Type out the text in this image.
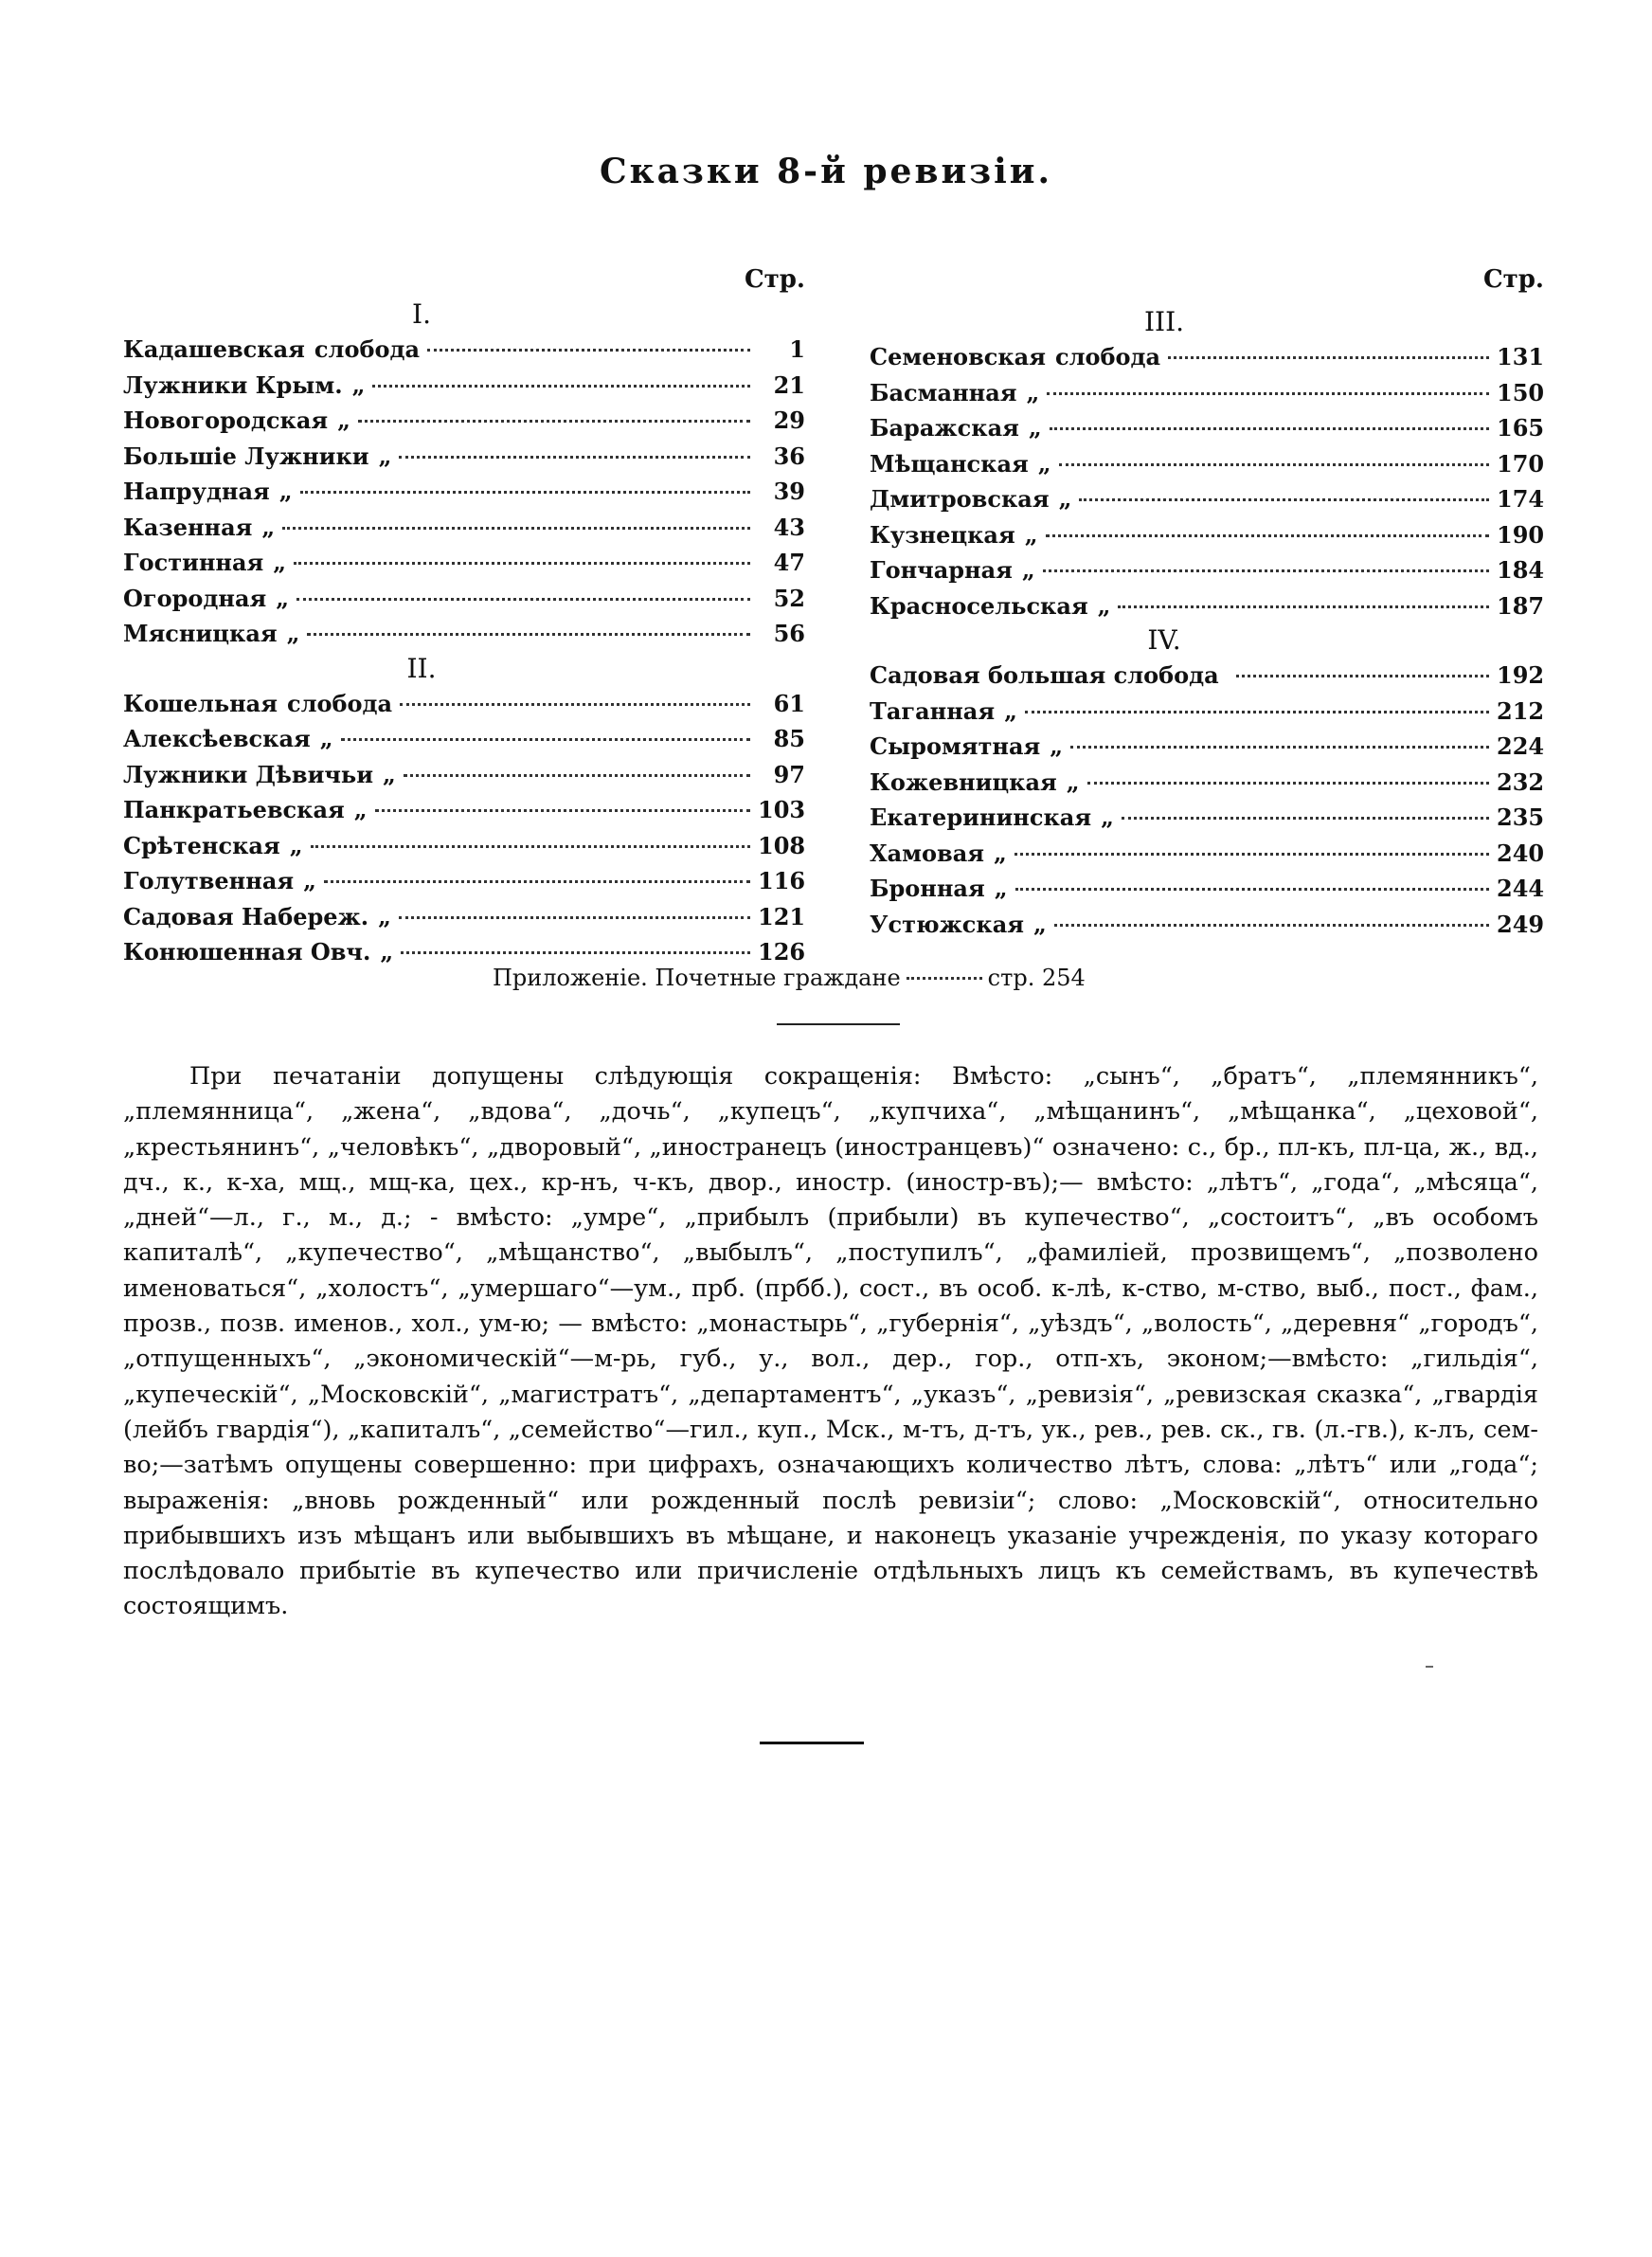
Сказки 8-й ревизіи.
Стр.
I.
Кадашевская слобода	1
Лужники Крым. „	21
Новогородская „	29
Большіе Лужники „	36
Напрудная „	39
Казенная „	43
Гостинная „	47
Огородная „	52
Мясницкая „	56
II.
Кошельная слобода	61
Алексѣевская „	85
Лужники Дѣвичьи „	97
Панкратьевская „	103
Срѣтенская „	108
Голутвенная „	116
Садовая Набереж. „	121
Конюшенная Овч. „	126
Стр.
III.
Семеновская слобода	131
Басманная „	150
Баражская „	165
Мѣщанская „	170
Дмитровская „	174
Кузнецкая „	190
Гончарная „	184
Красносельская „	187
IV.
Садовая большая слобода	192
Таганная „	212
Сыромятная „	224
Кожевницкая „	232
Екатерининская „	235
Хамовая „	240
Бронная „	244
Устюжская „	249
Приложеніе. Почетные граждане	стр. 254
При печатаніи допущены слѣдующія сокращенія: Вмѣсто: „сынъ“, „братъ“, „племянникъ“, „племянница“, „жена“, „вдова“, „дочь“, „купецъ“, „купчиха“, „мѣщанинъ“, „мѣщанка“, „цеховой“, „крестьянинъ“, „человѣкъ“, „дворовый“, „иностранецъ (иностранцевъ)“ означено: с., бр., пл-къ, пл-ца, ж., вд., дч., к., к-ха, мщ., мщ-ка, цех., кр-нъ, ч-къ, двор., иностр. (иностр-въ);— вмѣсто: „лѣтъ“, „года“, „мѣсяца“, „дней“—л., г., м., д.; - вмѣсто: „умре“, „прибылъ (прибыли) въ купечество“, „состоитъ“, „въ особомъ капиталѣ“, „купечество“, „мѣщанство“, „выбылъ“, „поступилъ“, „фамиліей, прозвищемъ“, „позволено именоваться“, „холостъ“, „умершаго“—ум., прб. (прбб.), сост., въ особ. к-лѣ, к-ство, м-ство, выб., пост., фам., прозв., позв. именов., хол., ум-ю; — вмѣсто: „монастырь“, „губернія“, „уѣздъ“, „волость“, „деревня“ „городъ“, „отпущенныхъ“, „экономическій“—м-рь, губ., у., вол., дер., гор., отп-хъ, эконом;—вмѣсто: „гильдія“, „купеческій“, „Московскій“, „магистратъ“, „департаментъ“, „указъ“, „ревизія“, „ревизская сказка“, „гвардія (лейбъ гвардія“), „капиталъ“, „семейство“—гил., куп., Мск., м-тъ, д-тъ, ук., рев., рев. ск., гв. (л.-гв.), к-лъ, сем-во;—затѣмъ опущены совершенно: при цифрахъ, означающихъ количество лѣтъ, слова: „лѣтъ“ или „года“; выраженія: „вновь рожденный“ или рожденный послѣ ревизіи“; слово: „Московскій“, относительно прибывшихъ изъ мѣщанъ или выбывшихъ въ мѣщане, и наконецъ указаніе учрежденія, по указу котораго послѣдовало прибытіе въ купечество или причисленіе отдѣльныхъ лицъ къ семействамъ, въ купечествѣ состоящимъ.
